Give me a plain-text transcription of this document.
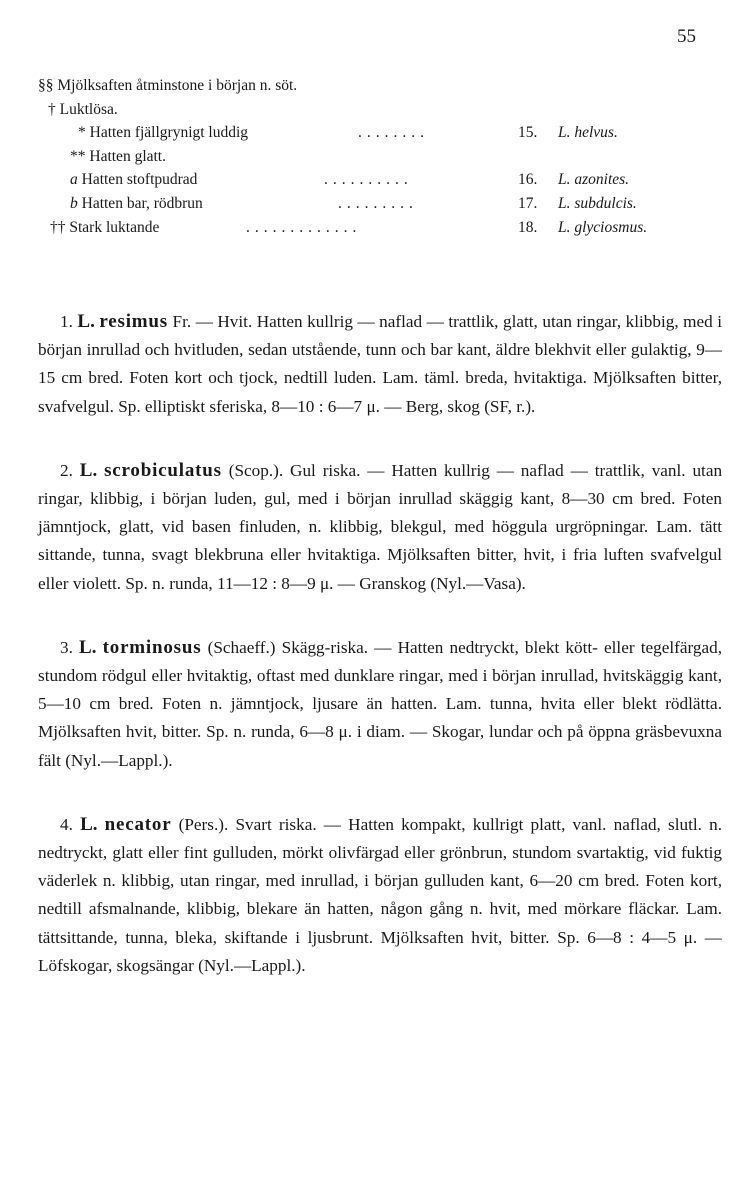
55
§§ Mjölksaften åtminstone i början n. söt.
† Luktlösa.
* Hatten fjällgrynigt luddig	........	15. L. helvus.
** Hatten glatt.
a Hatten stoftpudrad	..........	16. L. azonites.
b Hatten bar, rödbrun	.........	17. L. subdulcis.
†† Stark luktande	.............	18. L. glyciosmus.

1. L. resimus Fr. — Hvit. Hatten kullrig — naflad — trattlik, glatt, utan ringar, klibbig, med i början inrullad och hvitluden, sedan utstående, tunn och bar kant, äldre blekhvit eller gulaktig, 9—15 cm bred. Foten kort och tjock, nedtill luden. Lam. täml. breda, hvitaktiga. Mjölksaften bitter, svafvelgul. Sp. elliptiskt sferiska, 8—10 : 6—7 μ. — Berg, skog (SF, r.).

2. L. scrobiculatus (Scop.). Gul riska. — Hatten kullrig — naflad — trattlik, vanl. utan ringar, klibbig, i början luden, gul, med i början inrullad skäggig kant, 8—30 cm bred. Foten jämntjock, glatt, vid basen finluden, n. klibbig, blekgul, med höggula urgröpningar. Lam. tätt sittande, tunna, svagt blekbruna eller hvitaktiga. Mjölksaften bitter, hvit, i fria luften svafvelgul eller violett. Sp. n. runda, 11—12 : 8—9 μ. — Granskog (Nyl.—Vasa).

3. L. torminosus (Schaeff.) Skägg-riska. — Hatten nedtryckt, blekt kött- eller tegelfärgad, stundom rödgul eller hvitaktig, oftast med dunklare ringar, med i början inrullad, hvitskäggig kant, 5—10 cm bred. Foten n. jämntjock, ljusare än hatten. Lam. tunna, hvita eller blekt rödlätta. Mjölksaften hvit, bitter. Sp. n. runda, 6—8 μ. i diam. — Skogar, lundar och på öppna gräsbevuxna fält (Nyl.—Lappl.).

4. L. necator (Pers.). Svart riska. — Hatten kompakt, kullrigt platt, vanl. naflad, slutl. n. nedtryckt, glatt eller fint gulluden, mörkt olivfärgad eller grönbrun, stundom svartaktig, vid fuktig väderlek n. klibbig, utan ringar, med inrullad, i början gulluden kant, 6—20 cm bred. Foten kort, nedtill afsmalnande, klibbig, blekare än hatten, någon gång n. hvit, med mörkare fläckar. Lam. tättsittande, tunna, bleka, skiftande i ljusbrunt. Mjölksaften hvit, bitter. Sp. 6—8 : 4—5 μ. — Löfskogar, skogsängar (Nyl.—Lappl.).
